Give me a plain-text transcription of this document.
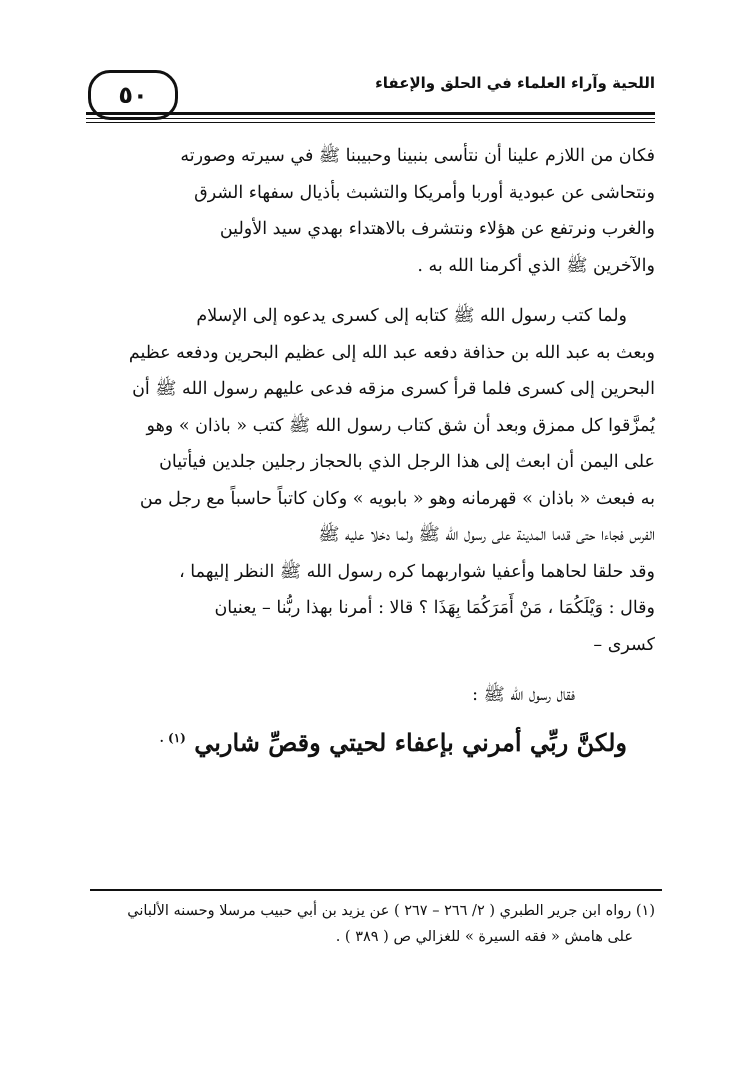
٥٠	اللحية وآراء العلماء في الحلق والإعفاء

فكان من اللازم علينا أن نتأسى بنبينا وحبيبنا ﷺ في سيرته وصورته

ونتحاشى عن عبودية أوربا وأمريكا والتشبث بأذيال سفهاء الشرق

والغرب ونرتفع عن هؤلاء ونتشرف بالاهتداء بهدي سيد الأولين

والآخرين ﷺ الذي أكرمنا الله به .

ولما كتب رسول الله ﷺ كتابه إلى كسرى يدعوه إلى الإسلام

وبعث به عبد الله بن حذافة دفعه عبد الله إلى عظيم البحرين ودفعه عظيم

البحرين إلى كسرى فلما قرأ كسرى مزقه فدعى عليهم رسول الله ﷺ أن

يُمزَّقوا كل ممزق وبعد أن شق كتاب رسول الله ﷺ كتب « باذان » وهو

على اليمن أن ابعث إلى هذا الرجل الذي بالحجاز رجلين جلدين فيأتيان

به فبعث « باذان » قهرمانه وهو « بابويه » وكان كاتباً حاسباً مع رجل من

الفرس فجاءا حتى قدما المدينة على رسول الله ﷺ ولما دخلا عليه ﷺ

وقد حلقا لحاهما وأعفيا شواربهما كره رسول الله ﷺ النظر إليهما ،

وقال : وَيْلَكُمَا ، مَنْ أَمَرَكُمَا بِهَذَا ؟ قالا : أمرنا بهذا ربُّنا – يعنيان

كسرى –

فقال رسول الله ﷺ :

ولكنَّ ربِّي أمرني بإعفاء لحيتي وقصِّ شاربي $^{(١) .}$

(١) رواه ابن جرير الطبري ( ٢/ ٢٦٦ – ٢٦٧ ) عن يزيد بن أبي حبيب مرسلا وحسنه الألباني

على هامش « فقه السيرة » للغزالي ص ( ٣٨٩ ) .
